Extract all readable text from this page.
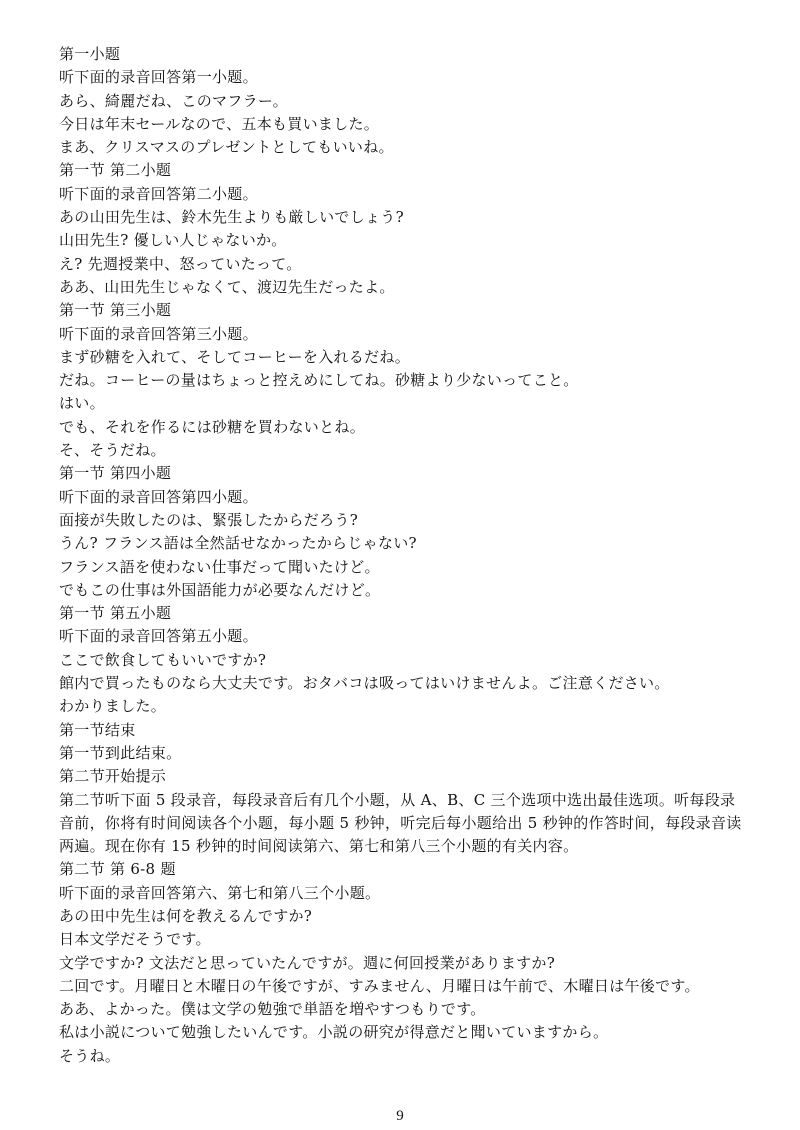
第一小题
听下面的录音回答第一小题。
あら、綺麗だね、このマフラー。
今日は年末セールなので、五本も買いました。
まあ、クリスマスのプレゼントとしてもいいね。
第一节 第二小题
听下面的录音回答第二小题。
あの山田先生は、鈴木先生よりも厳しいでしょう?
山田先生? 優しい人じゃないか。
え? 先週授業中、怒っていたって。
ああ、山田先生じゃなくて、渡辺先生だったよ。
第一节 第三小题
听下面的录音回答第三小题。
まず砂糖を入れて、そしてコーヒーを入れるだね。
だね。コーヒーの量はちょっと控えめにしてね。砂糖より少ないってこと。
はい。
でも、それを作るには砂糖を買わないとね。
そ、そうだね。
第一节 第四小题
听下面的录音回答第四小题。
面接が失敗したのは、緊張したからだろう?
うん? フランス語は全然話せなかったからじゃない?
フランス語を使わない仕事だって聞いたけど。
でもこの仕事は外国語能力が必要なんだけど。
第一节 第五小题
听下面的录音回答第五小题。
ここで飲食してもいいですか?
館内で買ったものなら大丈夫です。おタバコは吸ってはいけませんよ。ご注意ください。
わかりました。
第一节结束
第一节到此结束。
第二节开始提示
第二节听下面 5 段录音，每段录音后有几个小题，从 A、B、C 三个选项中选出最佳选项。听每段录音前，你将有时间阅读各个小题，每小题 5 秒钟，听完后每小题给出 5 秒钟的作答时间，每段录音读两遍。现在你有 15 秒钟的时间阅读第六、第七和第八三个小题的有关内容。
第二节 第 6-8 题
听下面的录音回答第六、第七和第八三个小题。
あの田中先生は何を教えるんですか?
日本文学だそうです。
文学ですか? 文法だと思っていたんですが。週に何回授業がありますか?
二回です。月曜日と木曜日の午後ですが、すみません、月曜日は午前で、木曜日は午後です。
ああ、よかった。僕は文学の勉強で単語を増やすつもりです。
私は小説について勉強したいんです。小説の研究が得意だと聞いていますから。
そうね。
9
